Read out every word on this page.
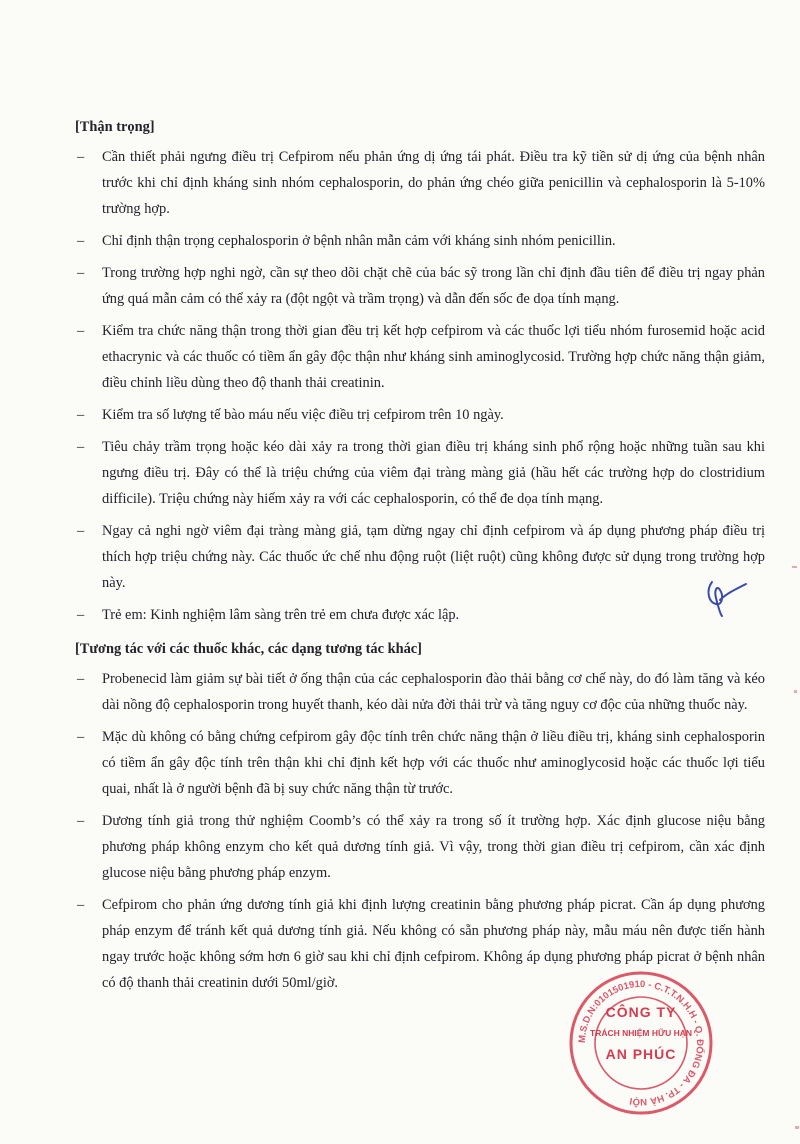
[Thận trọng]
– Cần thiết phải ngưng điều trị Cefpirom nếu phản ứng dị ứng tái phát. Điều tra kỹ tiền sử dị ứng của bệnh nhân trước khi chỉ định kháng sinh nhóm cephalosporin, do phản ứng chéo giữa penicillin và cephalosporin là 5-10% trường hợp.
– Chỉ định thận trọng cephalosporin ở bệnh nhân mẫn cảm với kháng sinh nhóm penicillin.
– Trong trường hợp nghi ngờ, cần sự theo dõi chặt chẽ của bác sỹ trong lần chỉ định đầu tiên để điều trị ngay phản ứng quá mẫn cảm có thể xảy ra (đột ngột và trầm trọng) và dẫn đến sốc đe dọa tính mạng.
– Kiểm tra chức năng thận trong thời gian đều trị kết hợp cefpirom và các thuốc lợi tiểu nhóm furosemid hoặc acid ethacrynic và các thuốc có tiềm ẩn gây độc thận như kháng sinh aminoglycosid. Trường hợp chức năng thận giảm, điều chỉnh liều dùng theo độ thanh thải creatinin.
– Kiểm tra số lượng tế bào máu nếu việc điều trị cefpirom trên 10 ngày.
– Tiêu chảy trầm trọng hoặc kéo dài xảy ra trong thời gian điều trị kháng sinh phổ rộng hoặc những tuần sau khi ngưng điều trị. Đây có thể là triệu chứng của viêm đại tràng màng giả (hầu hết các trường hợp do clostridium difficile). Triệu chứng này hiếm xảy ra với các cephalosporin, có thể đe dọa tính mạng.
– Ngay cả nghi ngờ viêm đại tràng màng giả, tạm dừng ngay chỉ định cefpirom và áp dụng phương pháp điều trị thích hợp triệu chứng này. Các thuốc ức chế nhu động ruột (liệt ruột) cũng không được sử dụng trong trường hợp này.
– Trẻ em: Kinh nghiệm lâm sàng trên trẻ em chưa được xác lập.
[Tương tác với các thuốc khác, các dạng tương tác khác]
– Probenecid làm giảm sự bài tiết ở ống thận của các cephalosporin đào thải bằng cơ chế này, do đó làm tăng và kéo dài nồng độ cephalosporin trong huyết thanh, kéo dài nửa đời thải trừ và tăng nguy cơ độc của những thuốc này.
– Mặc dù không có bằng chứng cefpirom gây độc tính trên chức năng thận ở liều điều trị, kháng sinh cephalosporin có tiềm ẩn gây độc tính trên thận khi chỉ định kết hợp với các thuốc như aminoglycosid hoặc các thuốc lợi tiểu quai, nhất là ở người bệnh đã bị suy chức năng thận từ trước.
– Dương tính giả trong thử nghiệm Coomb’s có thể xảy ra trong số ít trường hợp. Xác định glucose niệu bằng phương pháp không enzym cho kết quả dương tính giả. Vì vậy, trong thời gian điều trị cefpirom, cần xác định glucose niệu bằng phương pháp enzym.
– Cefpirom cho phản ứng dương tính giả khi định lượng creatinin bằng phương pháp picrat. Cần áp dụng phương pháp enzym để tránh kết quả dương tính giả. Nếu không có sẵn phương pháp này, mẫu máu nên được tiến hành ngay trước hoặc không sớm hơn 6 giờ sau khi chỉ định cefpirom. Không áp dụng phương pháp picrat ở bệnh nhân có độ thanh thải creatinin dưới 50ml/giờ.
M.S.D.N:0101501910 - C.T.T.N.H.H - Q. ĐỐNG ĐA - TP. HÀ NỘI
CÔNG TY
TRÁCH NHIỆM HỮU HẠN
AN PHÚC
